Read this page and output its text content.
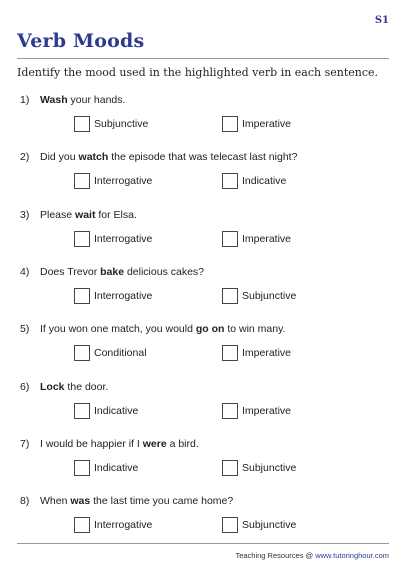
S1
Verb Moods
Identify the mood used in the highlighted verb in each sentence.
1) Wash your hands.
Subjunctive	Imperative
2) Did you watch the episode that was telecast last night?
Interrogative	Indicative
3) Please wait for Elsa.
Interrogative	Imperative
4) Does Trevor bake delicious cakes?
Interrogative	Subjunctive
5) If you won one match, you would go on to win many.
Conditional	Imperative
6) Lock the door.
Indicative	Imperative
7) I would be happier if I were a bird.
Indicative	Subjunctive
8) When was the last time you came home?
Interrogative	Subjunctive
Teaching Resources @ www.tutoringhour.com
